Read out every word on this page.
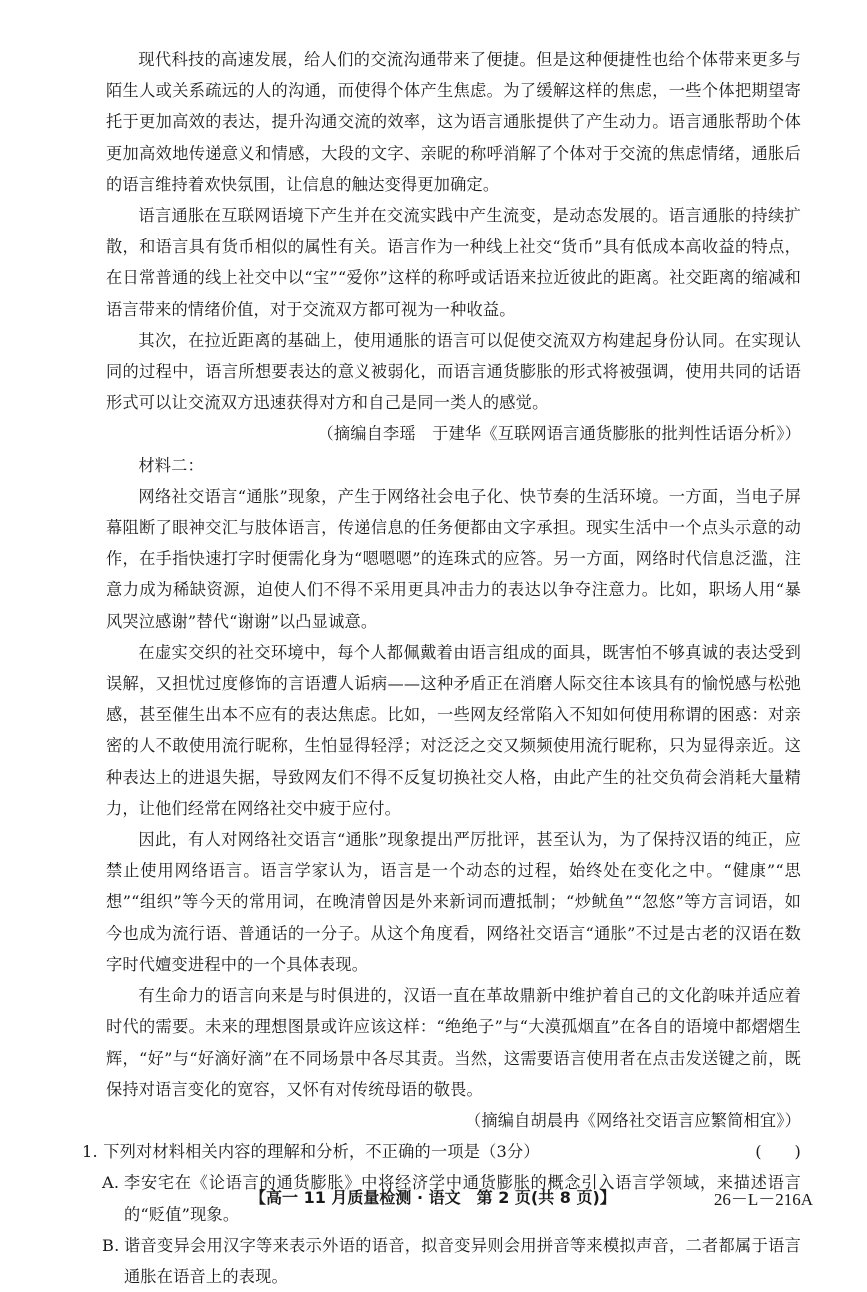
现代科技的高速发展，给人们的交流沟通带来了便捷。但是这种便捷性也给个体带来更多与陌生人或关系疏远的人的沟通，而使得个体产生焦虑。为了缓解这样的焦虑，一些个体把期望寄托于更加高效的表达，提升沟通交流的效率，这为语言通胀提供了产生动力。语言通胀帮助个体更加高效地传递意义和情感，大段的文字、亲昵的称呼消解了个体对于交流的焦虑情绪，通胀后的语言维持着欢快氛围，让信息的触达变得更加确定。

语言通胀在互联网语境下产生并在交流实践中产生流变，是动态发展的。语言通胀的持续扩散，和语言具有货币相似的属性有关。语言作为一种线上社交“货币”具有低成本高收益的特点，在日常普通的线上社交中以“宝”“爱你”这样的称呼或话语来拉近彼此的距离。社交距离的缩减和语言带来的情绪价值，对于交流双方都可视为一种收益。

其次，在拉近距离的基础上，使用通胀的语言可以促使交流双方构建起身份认同。在实现认同的过程中，语言所想要表达的意义被弱化，而语言通货膨胀的形式将被强调，使用共同的话语形式可以让交流双方迅速获得对方和自己是同一类人的感觉。

（摘编自李瑶　于建华《互联网语言通货膨胀的批判性话语分析》）

材料二：

网络社交语言“通胀”现象，产生于网络社会电子化、快节奏的生活环境。一方面，当电子屏幕阻断了眼神交汇与肢体语言，传递信息的任务便都由文字承担。现实生活中一个点头示意的动作，在手指快速打字时便需化身为“嗯嗯嗯”的连珠式的应答。另一方面，网络时代信息泛滥，注意力成为稀缺资源，迫使人们不得不采用更具冲击力的表达以争夺注意力。比如，职场人用“暴风哭泣感谢”替代“谢谢”以凸显诚意。

在虚实交织的社交环境中，每个人都佩戴着由语言组成的面具，既害怕不够真诚的表达受到误解，又担忧过度修饰的言语遭人诟病——这种矛盾正在消磨人际交往本该具有的愉悦感与松弛感，甚至催生出本不应有的表达焦虑。比如，一些网友经常陷入不知如何使用称谓的困惑：对亲密的人不敢使用流行昵称，生怕显得轻浮；对泛泛之交又频频使用流行昵称，只为显得亲近。这种表达上的进退失据，导致网友们不得不反复切换社交人格，由此产生的社交负荷会消耗大量精力，让他们经常在网络社交中疲于应付。

因此，有人对网络社交语言“通胀”现象提出严厉批评，甚至认为，为了保持汉语的纯正，应禁止使用网络语言。语言学家认为，语言是一个动态的过程，始终处在变化之中。“健康”“思想”“组织”等今天的常用词，在晚清曾因是外来新词而遭抵制；“炒鱿鱼”“忽悠”等方言词语，如今也成为流行语、普通话的一分子。从这个角度看，网络社交语言“通胀”不过是古老的汉语在数字时代嬗变进程中的一个具体表现。

有生命力的语言向来是与时俱进的，汉语一直在革故鼎新中维护着自己的文化韵味并适应着时代的需要。未来的理想图景或许应该这样：“绝绝子”与“大漠孤烟直”在各自的语境中都熠熠生辉，“好”与“好滴好滴”在不同场景中各尽其责。当然，这需要语言使用者在点击发送键之前，既保持对语言变化的宽容，又怀有对传统母语的敬畏。

（摘编自胡晨冉《网络社交语言应繁简相宜》）

1. 下列对材料相关内容的理解和分析，不正确的一项是（3分）	(　　)

A. 李安宅在《论语言的通货膨胀》中将经济学中通货膨胀的概念引入语言学领域，来描述语言的“贬值”现象。

B. 谐音变异会用汉字等来表示外语的语音，拟音变异则会用拼音等来模拟声音，二者都属于语言通胀在语音上的表现。

【高一 11 月质量检测 · 语文　第 2 页(共 8 页)】	26－L－216A
